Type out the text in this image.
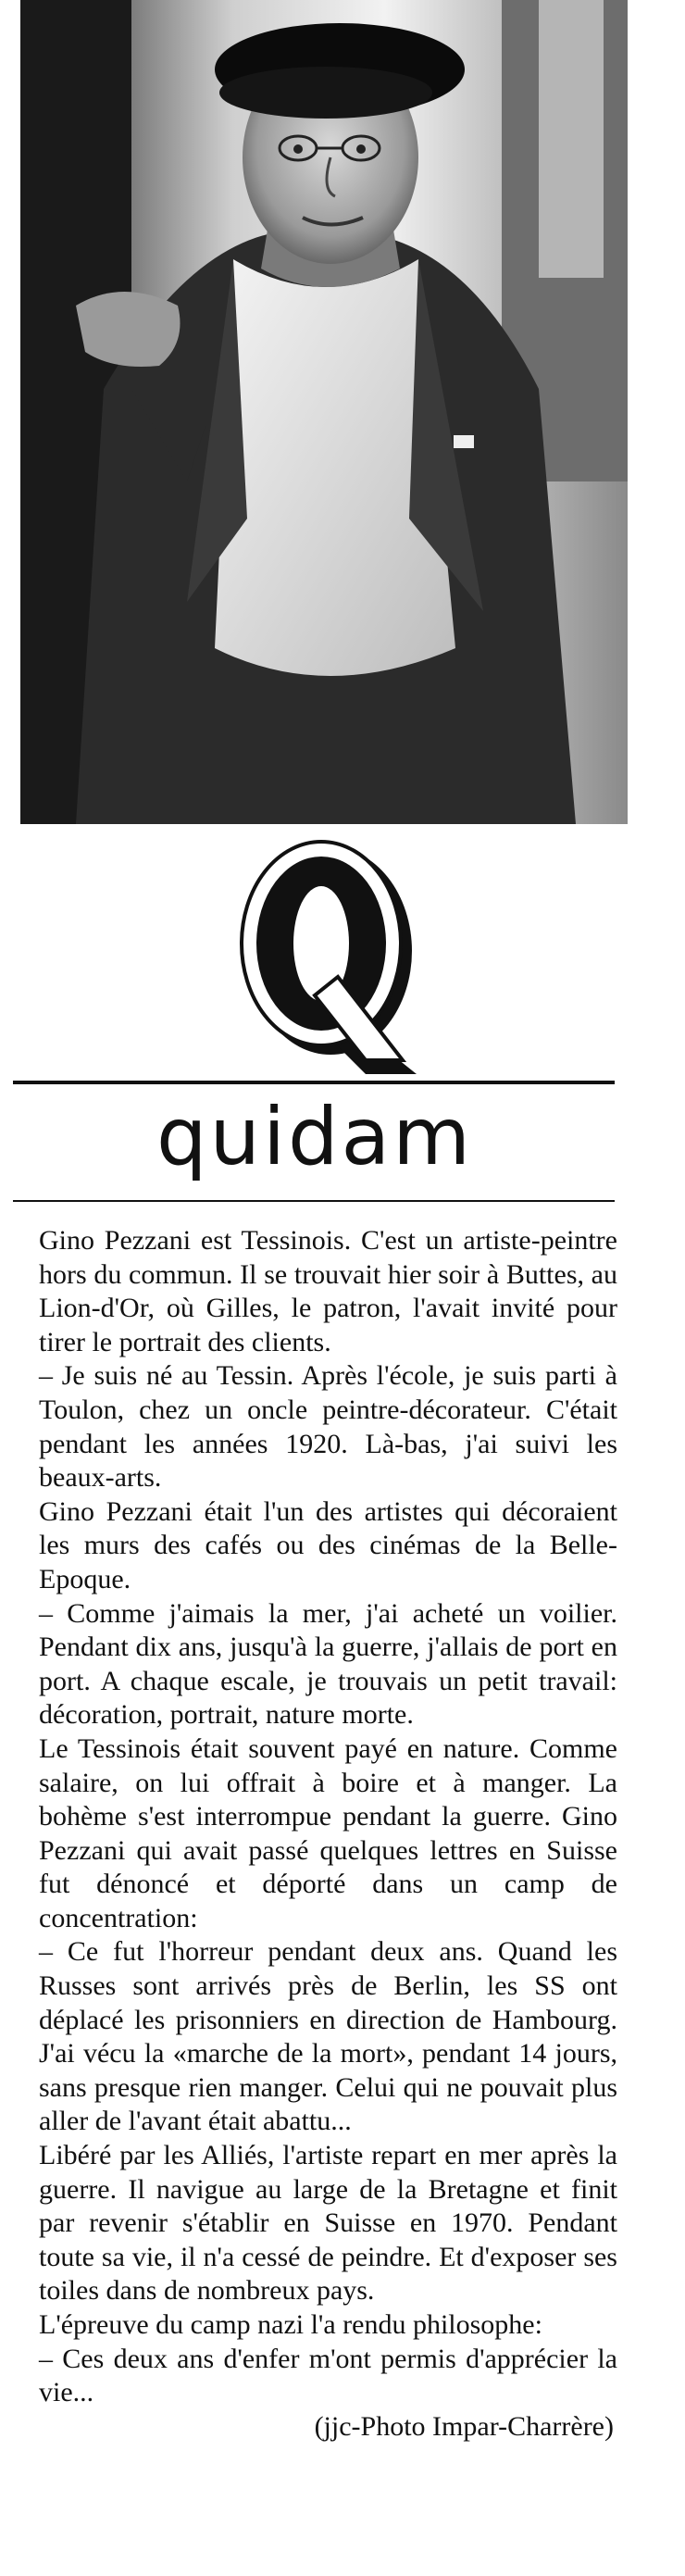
quidam

Gino Pezzani est Tessinois. C'est un artiste-peintre hors du commun. Il se trouvait hier soir à Buttes, au Lion-d'Or, où Gilles, le patron, l'avait invité pour tirer le portrait des clients.

– Je suis né au Tessin. Après l'école, je suis parti à Toulon, chez un oncle peintre-décorateur. C'était pendant les années 1920. Là-bas, j'ai suivi les beaux-arts.

Gino Pezzani était l'un des artistes qui décoraient les murs des cafés ou des cinémas de la Belle-Epoque.

– Comme j'aimais la mer, j'ai acheté un voilier. Pendant dix ans, jusqu'à la guerre, j'allais de port en port. A chaque escale, je trouvais un petit travail: décoration, portrait, nature morte.

Le Tessinois était souvent payé en nature. Comme salaire, on lui offrait à boire et à manger. La bohème s'est interrompue pendant la guerre. Gino Pezzani qui avait passé quelques lettres en Suisse fut dénoncé et déporté dans un camp de concentration:

– Ce fut l'horreur pendant deux ans. Quand les Russes sont arrivés près de Berlin, les SS ont déplacé les prisonniers en direction de Hambourg. J'ai vécu la «marche de la mort», pendant 14 jours, sans presque rien manger. Celui qui ne pouvait plus aller de l'avant était abattu...

Libéré par les Alliés, l'artiste repart en mer après la guerre. Il navigue au large de la Bretagne et finit par revenir s'établir en Suisse en 1970. Pendant toute sa vie, il n'a cessé de peindre. Et d'exposer ses toiles dans de nombreux pays.

L'épreuve du camp nazi l'a rendu philosophe:

– Ces deux ans d'enfer m'ont permis d'apprécier la vie...

(jjc-Photo Impar-Charrère)
